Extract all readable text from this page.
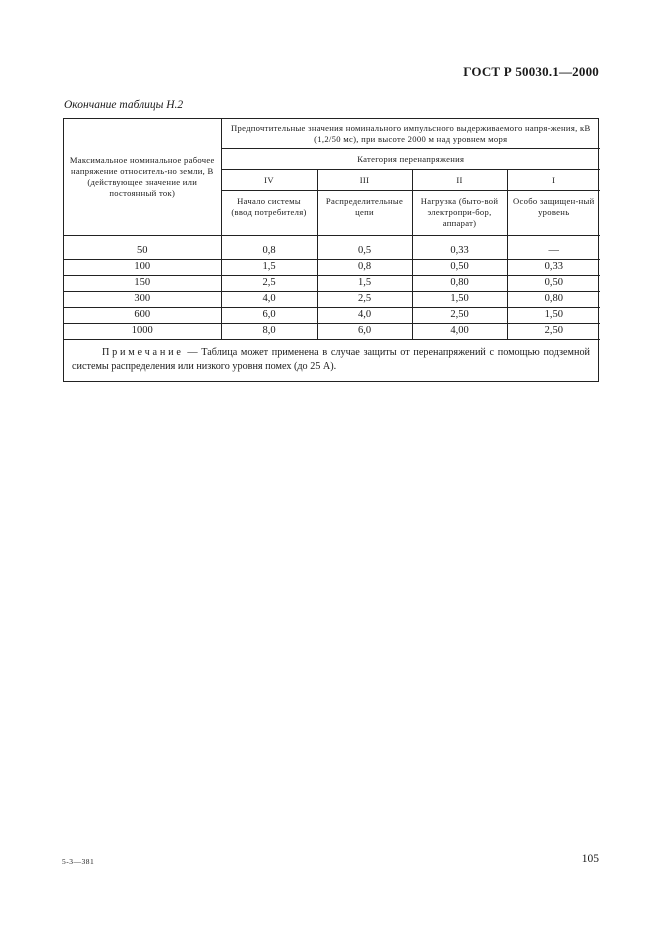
ГОСТ Р 50030.1—2000
Окончание таблицы Н.2
Максимальное номинальное рабочее напряжение относитель-но земли, В (действующее значение или постоянный ток)	Предпочтительные значения номинального импульсного выдерживаемого напря-жения, кВ (1,2/50 мс), при высоте 2000 м над уровнем моря			
	Категория перенапряжения			
	IV	III	II	I
	Начало системы (ввод потребителя)	Распределительные цепи	Нагрузка (быто-вой электропри-бор, аппарат)	Особо защищен-ный уровень

50	0,8	0,5	0,33	—
100	1,5	0,8	0,50	0,33
150	2,5	1,5	0,80	0,50
300	4,0	2,5	1,50	0,80
600	6,0	4,0	2,50	1,50
1000	8,0	6,0	4,00	2,50
Примечание — Таблица может применена в случае защиты от перенапряжений с помощью подземной системы распределения или низкого уровня помех (до 25 А).
5-3—381	105
